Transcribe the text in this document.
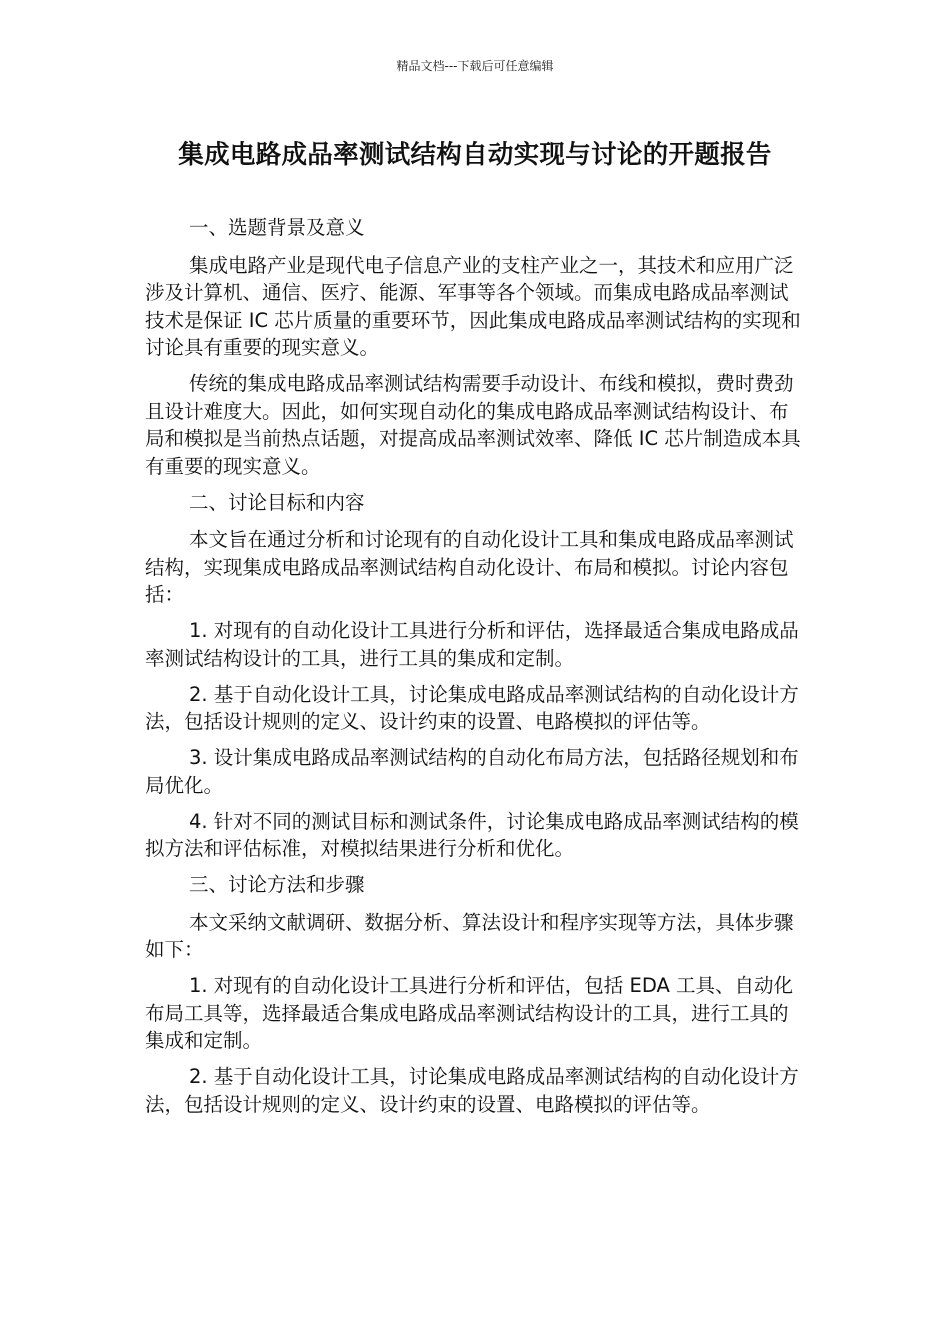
精品文档---下载后可任意编辑
集成电路成品率测试结构自动实现与讨论的开题报告

一、选题背景及意义

集成电路产业是现代电子信息产业的支柱产业之一，其技术和应用广泛涉及计算机、通信、医疗、能源、军事等各个领域。而集成电路成品率测试技术是保证 IC 芯片质量的重要环节，因此集成电路成品率测试结构的实现和讨论具有重要的现实意义。

传统的集成电路成品率测试结构需要手动设计、布线和模拟，费时费劲且设计难度大。因此，如何实现自动化的集成电路成品率测试结构设计、布局和模拟是当前热点话题，对提高成品率测试效率、降低 IC 芯片制造成本具有重要的现实意义。

二、讨论目标和内容

本文旨在通过分析和讨论现有的自动化设计工具和集成电路成品率测试结构，实现集成电路成品率测试结构自动化设计、布局和模拟。讨论内容包括：

1. 对现有的自动化设计工具进行分析和评估，选择最适合集成电路成品率测试结构设计的工具，进行工具的集成和定制。

2. 基于自动化设计工具，讨论集成电路成品率测试结构的自动化设计方法，包括设计规则的定义、设计约束的设置、电路模拟的评估等。

3. 设计集成电路成品率测试结构的自动化布局方法，包括路径规划和布局优化。

4. 针对不同的测试目标和测试条件，讨论集成电路成品率测试结构的模拟方法和评估标准，对模拟结果进行分析和优化。

三、讨论方法和步骤

本文采纳文献调研、数据分析、算法设计和程序实现等方法，具体步骤如下：

1. 对现有的自动化设计工具进行分析和评估，包括 EDA 工具、自动化布局工具等，选择最适合集成电路成品率测试结构设计的工具，进行工具的集成和定制。

2. 基于自动化设计工具，讨论集成电路成品率测试结构的自动化设计方法，包括设计规则的定义、设计约束的设置、电路模拟的评估等。
